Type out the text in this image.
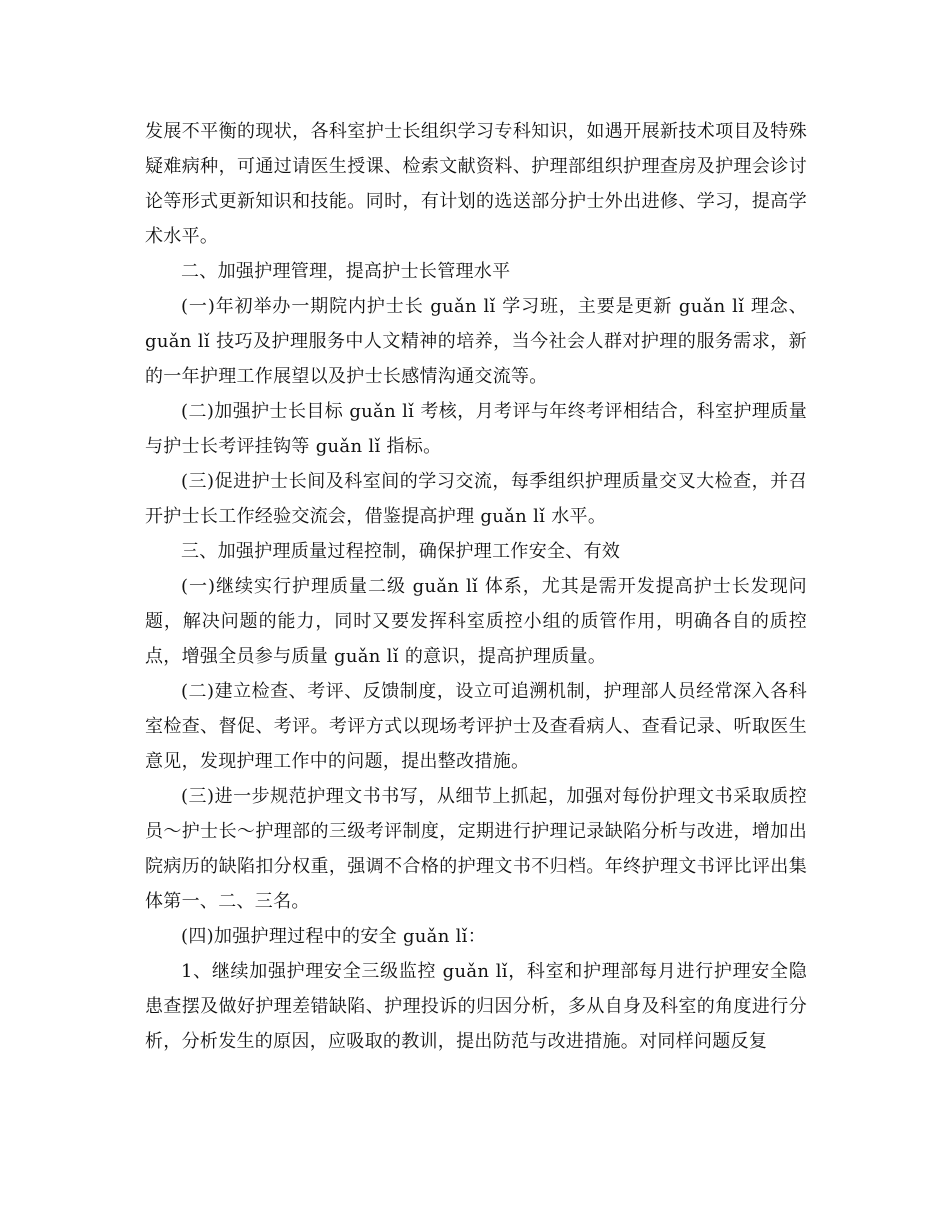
发展不平衡的现状，各科室护士长组织学习专科知识，如遇开展新技术项目及特殊疑难病种，可通过请医生授课、检索文献资料、护理部组织护理查房及护理会诊讨论等形式更新知识和技能。同时，有计划的选送部分护士外出进修、学习，提高学术水平。

二、加强护理管理，提高护士长管理水平

(一)年初举办一期院内护士长 guǎn lǐ 学习班，主要是更新 guǎn lǐ 理念、guǎn lǐ 技巧及护理服务中人文精神的培养，当今社会人群对护理的服务需求，新的一年护理工作展望以及护士长感情沟通交流等。

(二)加强护士长目标 guǎn lǐ 考核，月考评与年终考评相结合，科室护理质量与护士长考评挂钩等 guǎn lǐ 指标。

(三)促进护士长间及科室间的学习交流，每季组织护理质量交叉大检查，并召开护士长工作经验交流会，借鉴提高护理 guǎn lǐ 水平。

三、加强护理质量过程控制，确保护理工作安全、有效

(一)继续实行护理质量二级 guǎn lǐ 体系，尤其是需开发提高护士长发现问题，解决问题的能力，同时又要发挥科室质控小组的质管作用，明确各自的质控点，增强全员参与质量 guǎn lǐ 的意识，提高护理质量。

(二)建立检查、考评、反馈制度，设立可追溯机制，护理部人员经常深入各科室检查、督促、考评。考评方式以现场考评护士及查看病人、查看记录、听取医生意见，发现护理工作中的问题，提出整改措施。

(三)进一步规范护理文书书写，从细节上抓起，加强对每份护理文书采取质控员～护士长～护理部的三级考评制度，定期进行护理记录缺陷分析与改进，增加出院病历的缺陷扣分权重，强调不合格的护理文书不归档。年终护理文书评比评出集体第一、二、三名。

(四)加强护理过程中的安全 guǎn lǐ：

1、继续加强护理安全三级监控 guǎn lǐ，科室和护理部每月进行护理安全隐患查摆及做好护理差错缺陷、护理投诉的归因分析，多从自身及科室的角度进行分析，分析发生的原因，应吸取的教训，提出防范与改进措施。对同样问题反复
